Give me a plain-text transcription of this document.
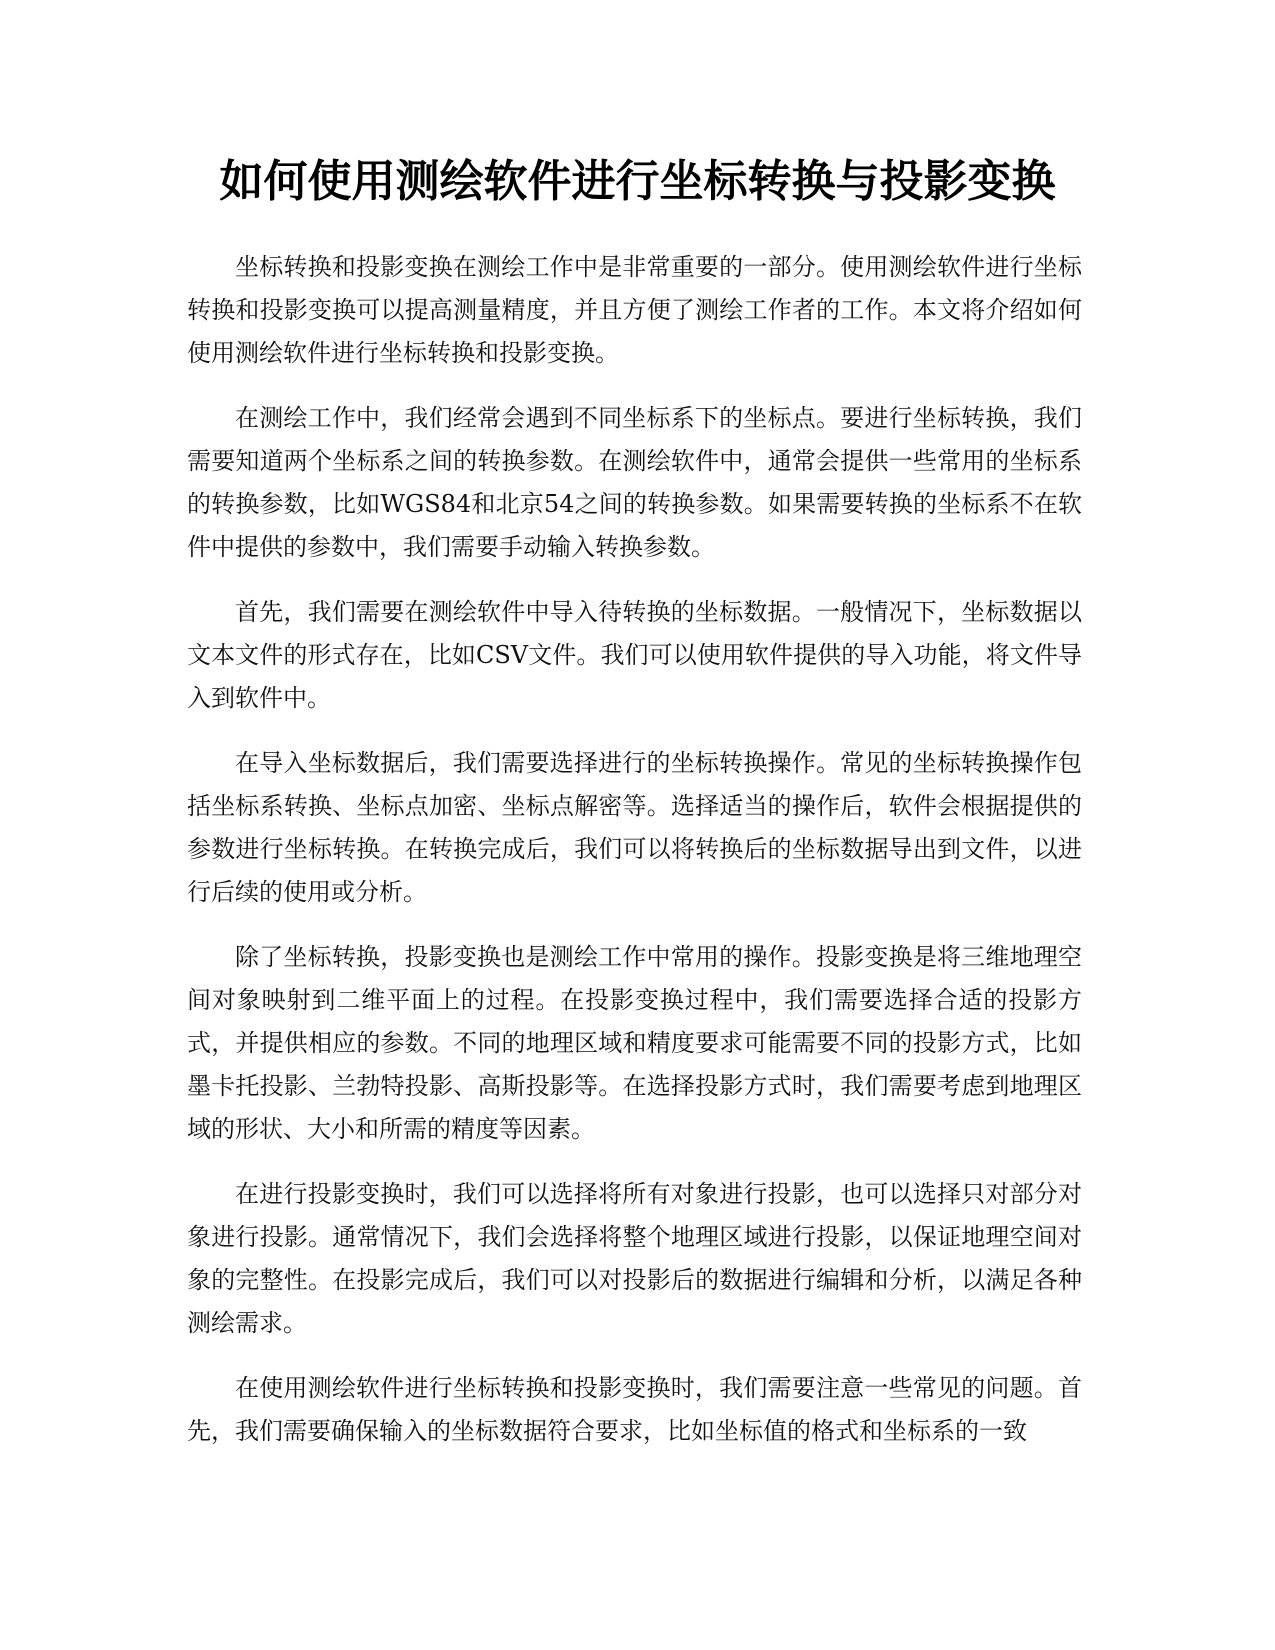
如何使用测绘软件进行坐标转换与投影变换

坐标转换和投影变换在测绘工作中是非常重要的一部分。使用测绘软件进行坐标转换和投影变换可以提高测量精度，并且方便了测绘工作者的工作。本文将介绍如何使用测绘软件进行坐标转换和投影变换。

在测绘工作中，我们经常会遇到不同坐标系下的坐标点。要进行坐标转换，我们需要知道两个坐标系之间的转换参数。在测绘软件中，通常会提供一些常用的坐标系的转换参数，比如WGS84和北京54之间的转换参数。如果需要转换的坐标系不在软件中提供的参数中，我们需要手动输入转换参数。

首先，我们需要在测绘软件中导入待转换的坐标数据。一般情况下，坐标数据以文本文件的形式存在，比如CSV文件。我们可以使用软件提供的导入功能，将文件导入到软件中。

在导入坐标数据后，我们需要选择进行的坐标转换操作。常见的坐标转换操作包括坐标系转换、坐标点加密、坐标点解密等。选择适当的操作后，软件会根据提供的参数进行坐标转换。在转换完成后，我们可以将转换后的坐标数据导出到文件，以进行后续的使用或分析。

除了坐标转换，投影变换也是测绘工作中常用的操作。投影变换是将三维地理空间对象映射到二维平面上的过程。在投影变换过程中，我们需要选择合适的投影方式，并提供相应的参数。不同的地理区域和精度要求可能需要不同的投影方式，比如墨卡托投影、兰勃特投影、高斯投影等。在选择投影方式时，我们需要考虑到地理区域的形状、大小和所需的精度等因素。

在进行投影变换时，我们可以选择将所有对象进行投影，也可以选择只对部分对象进行投影。通常情况下，我们会选择将整个地理区域进行投影，以保证地理空间对象的完整性。在投影完成后，我们可以对投影后的数据进行编辑和分析，以满足各种测绘需求。

在使用测绘软件进行坐标转换和投影变换时，我们需要注意一些常见的问题。首先，我们需要确保输入的坐标数据符合要求，比如坐标值的格式和坐标系的一致
